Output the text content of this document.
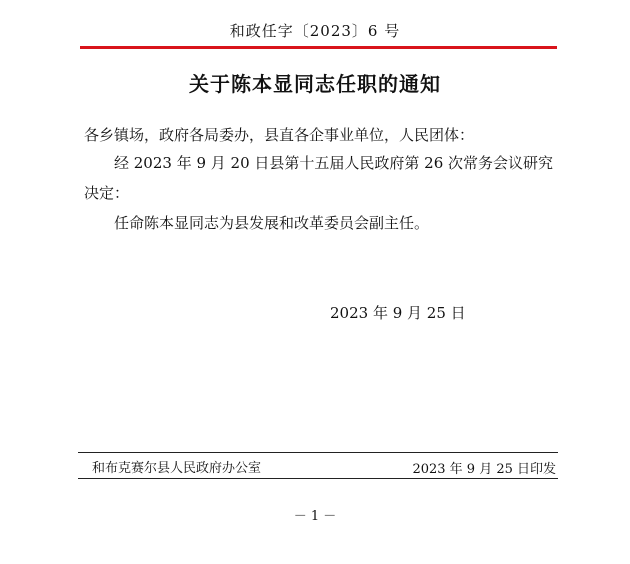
和政任字〔2023〕6 号
关于陈本显同志任职的通知
各乡镇场，政府各局委办，县直各企事业单位，人民团体：
经 2023 年 9 月 20 日县第十五届人民政府第 26 次常务会议研究决定：
任命陈本显同志为县发展和改革委员会副主任。
2023 年 9 月 25 日
和布克赛尔县人民政府办公室	2023 年 9 月 25 日印发
－ 1 －
